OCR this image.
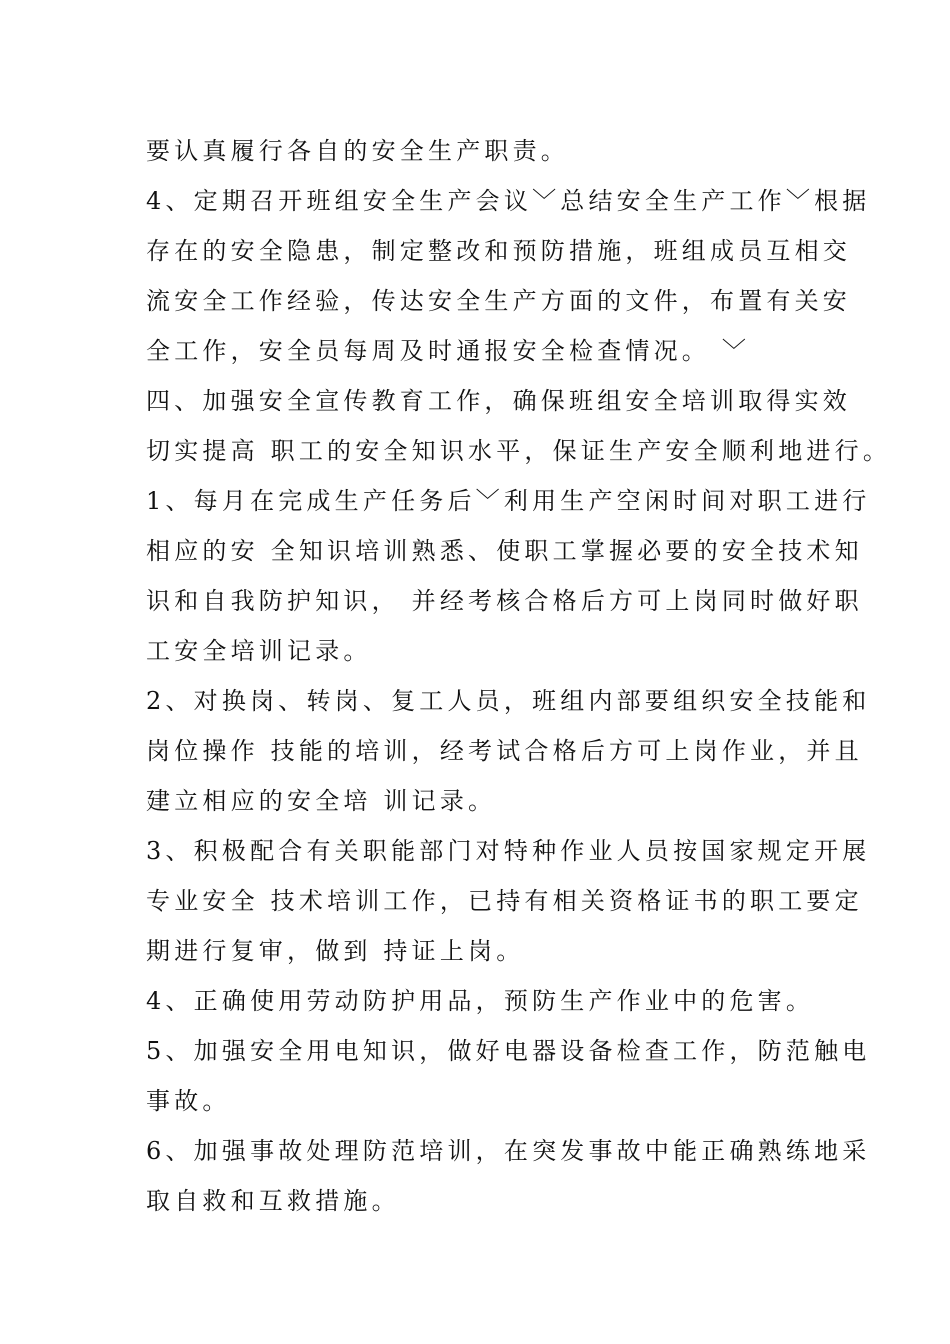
要认真履行各自的安全生产职责。
4、定期召开班组安全生产会议﹀总结安全生产工作﹀根据
存在的安全隐患，制定整改和预防措施，班组成员互相交
流安全工作经验，传达安全生产方面的文件，布置有关安
全工作，安全员每周及时通报安全检查情况。 ﹀
四、加强安全宣传教育工作，确保班组安全培训取得实效
切实提高 职工的安全知识水平，保证生产安全顺利地进行。
1、每月在完成生产任务后﹀利用生产空闲时间对职工进行
相应的安 全知识培训熟悉、使职工掌握必要的安全技术知
识和自我防护知识， 并经考核合格后方可上岗同时做好职
工安全培训记录。
2、对换岗、转岗、复工人员，班组内部要组织安全技能和
岗位操作 技能的培训，经考试合格后方可上岗作业，并且
建立相应的安全培 训记录。
3、积极配合有关职能部门对特种作业人员按国家规定开展
专业安全 技术培训工作，已持有相关资格证书的职工要定
期进行复审，做到 持证上岗。
4、正确使用劳动防护用品，预防生产作业中的危害。
5、加强安全用电知识，做好电器设备检查工作，防范触电
事故。
6、加强事故处理防范培训，在突发事故中能正确熟练地采
取自救和互救措施。
